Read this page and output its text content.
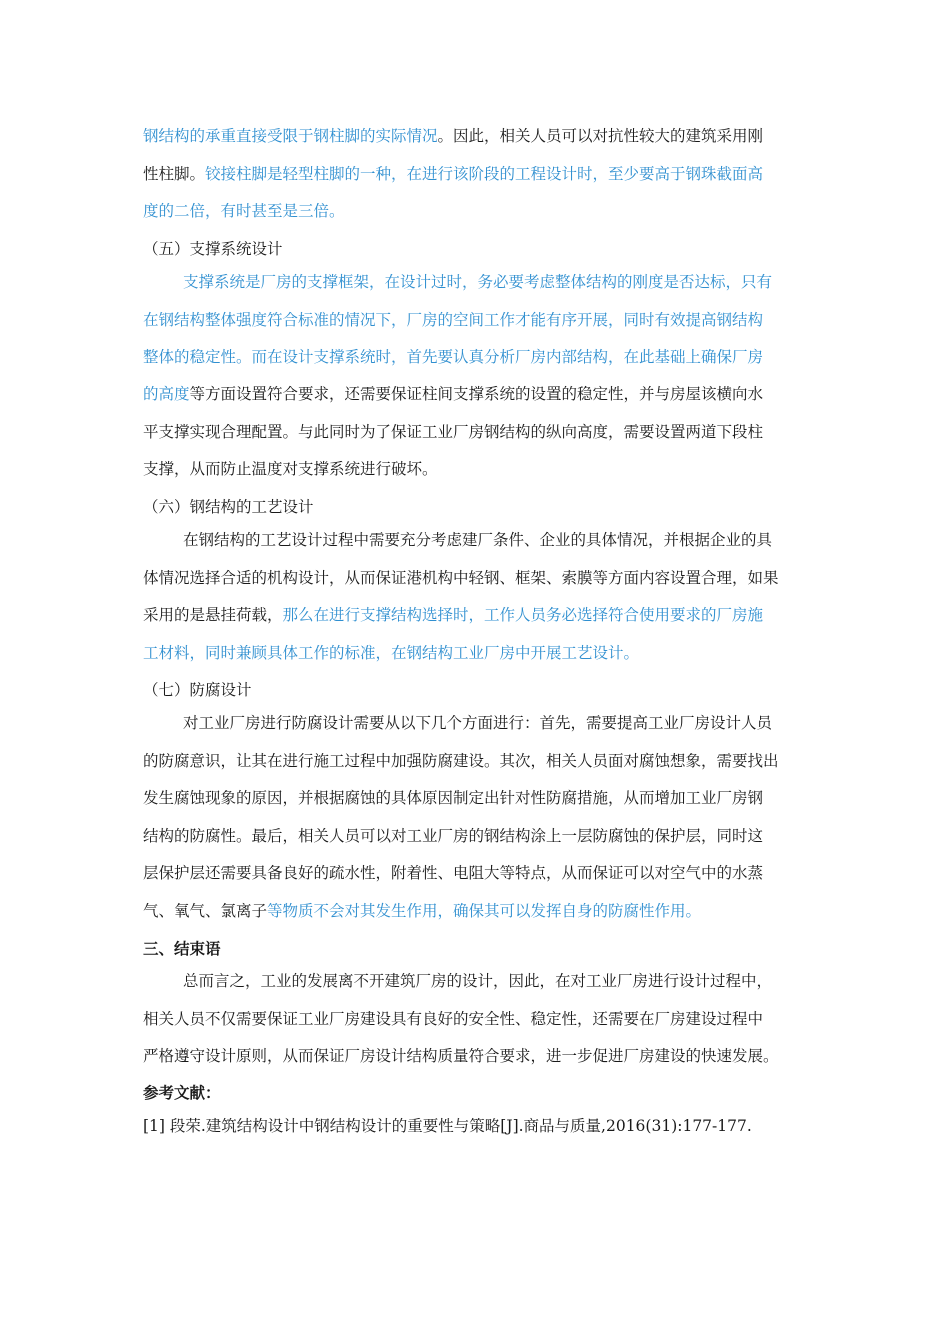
钢结构的承重直接受限于钢柱脚的实际情况。因此，相关人员可以对抗性较大的建筑采用刚
性柱脚。铰接柱脚是轻型柱脚的一种，在进行该阶段的工程设计时，至少要高于钢珠截面高
度的二倍，有时甚至是三倍。
（五）支撑系统设计
支撑系统是厂房的支撑框架，在设计过时，务必要考虑整体结构的刚度是否达标，只有
在钢结构整体强度符合标准的情况下，厂房的空间工作才能有序开展，同时有效提高钢结构
整体的稳定性。而在设计支撑系统时，首先要认真分析厂房内部结构，在此基础上确保厂房
的高度等方面设置符合要求，还需要保证柱间支撑系统的设置的稳定性，并与房屋该横向水
平支撑实现合理配置。与此同时为了保证工业厂房钢结构的纵向高度，需要设置两道下段柱
支撑，从而防止温度对支撑系统进行破坏。
（六）钢结构的工艺设计
在钢结构的工艺设计过程中需要充分考虑建厂条件、企业的具体情况，并根据企业的具
体情况选择合适的机构设计，从而保证港机构中轻钢、框架、索膜等方面内容设置合理，如果
采用的是悬挂荷载，那么在进行支撑结构选择时，工作人员务必选择符合使用要求的厂房施
工材料，同时兼顾具体工作的标准，在钢结构工业厂房中开展工艺设计。
（七）防腐设计
对工业厂房进行防腐设计需要从以下几个方面进行：首先，需要提高工业厂房设计人员
的防腐意识，让其在进行施工过程中加强防腐建设。其次，相关人员面对腐蚀想象，需要找出
发生腐蚀现象的原因，并根据腐蚀的具体原因制定出针对性防腐措施，从而增加工业厂房钢
结构的防腐性。最后，相关人员可以对工业厂房的钢结构涂上一层防腐蚀的保护层，同时这
层保护层还需要具备良好的疏水性，附着性、电阻大等特点，从而保证可以对空气中的水蒸
气、氧气、氯离子等物质不会对其发生作用，确保其可以发挥自身的防腐性作用。
三、结束语
总而言之，工业的发展离不开建筑厂房的设计，因此，在对工业厂房进行设计过程中，
相关人员不仅需要保证工业厂房建设具有良好的安全性、稳定性，还需要在厂房建设过程中
严格遵守设计原则，从而保证厂房设计结构质量符合要求，进一步促进厂房建设的快速发展。
参考文献：
[1] 段荣.建筑结构设计中钢结构设计的重要性与策略[J].商品与质量,2016(31):177-177.
